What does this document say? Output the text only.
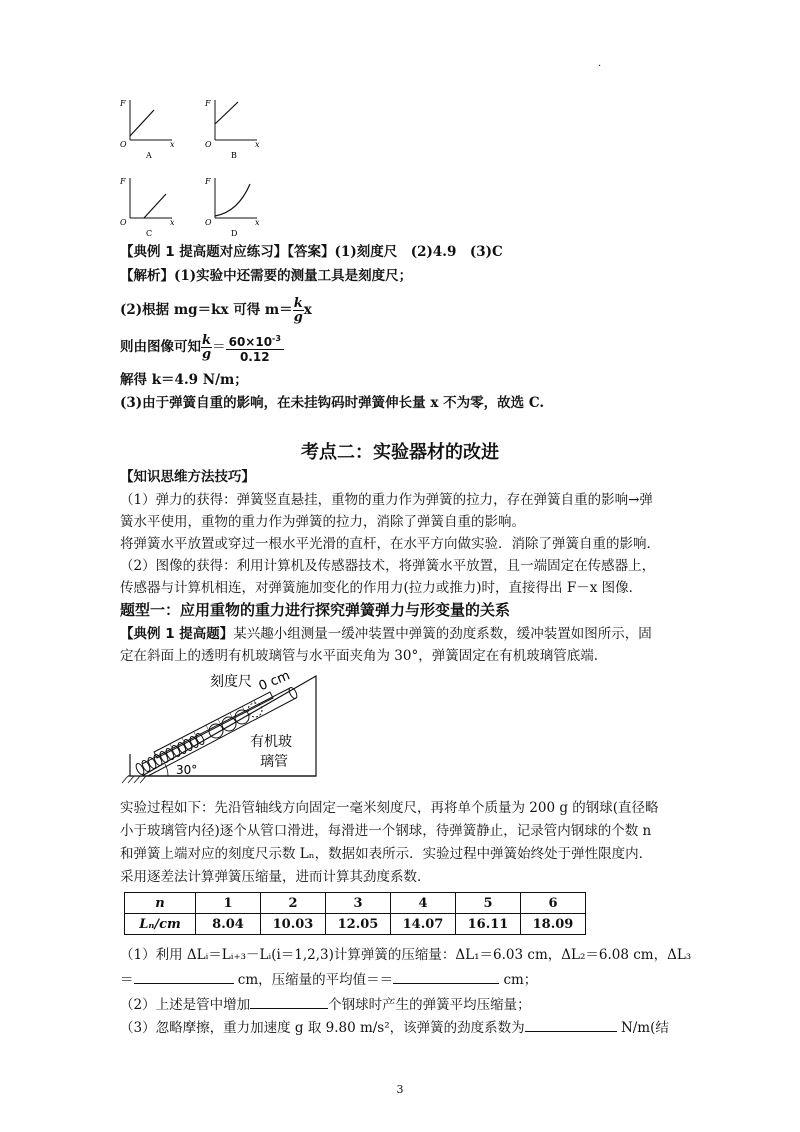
.
F
O	x
A
F
O	x
B
F
O	x
C
F
O	x
D
【典例 1 提高题对应练习】【答案】(1)刻度尺　(2)4.9　(3)C
【解析】(1)实验中还需要的测量工具是刻度尺；
(2)根据 mg＝kx 可得 $m= \frac{k}{g}$ x
则由图像可知 $\frac{k}{g} = \frac{60\times 10^{-3}}{0.12}$
解得 k＝4.9 N/m；
(3)由于弹簧自重的影响，在未挂钩码时弹簧伸长量 x 不为零，故选 C.
考点二：实验器材的改进
【知识思维方法技巧】
（1）弹力的获得：弹簧竖直悬挂，重物的重力作为弹簧的拉力，存在弹簧自重的影响→弹
簧水平使用，重物的重力作为弹簧的拉力，消除了弹簧自重的影响。
将弹簧水平放置或穿过一根水平光滑的直杆，在水平方向做实验．消除了弹簧自重的影响．
（2）图像的获得：利用计算机及传感器技术，将弹簧水平放置，且一端固定在传感器上，
传感器与计算机相连，对弹簧施加变化的作用力(拉力或推力)时，直接得出 F－x 图像．
题型一：应用重物的重力进行探究弹簧弹力与形变量的关系
【典例 1 提高题】某兴趣小组测量一缓冲装置中弹簧的劲度系数，缓冲装置如图所示，固
定在斜面上的透明有机玻璃管与水平面夹角为 30°，弹簧固定在有机玻璃管底端.
刻度尺 0 cm
有机玻
璃管
30°
实验过程如下：先沿管轴线方向固定一毫米刻度尺，再将单个质量为 200 g 的钢球(直径略
小于玻璃管内径)逐个从管口滑进，每滑进一个钢球，待弹簧静止，记录管内钢球的个数 n
和弹簧上端对应的刻度尺示数 Lₙ，数据如表所示．实验过程中弹簧始终处于弹性限度内．
采用逐差法计算弹簧压缩量，进而计算其劲度系数．
n	1	2	3	4	5	6
Lₙ/cm	8.04	10.03	12.05	14.07	16.11	18.09
（1）利用 ΔLᵢ＝Lᵢ₊₃－Lᵢ(i＝1,2,3)计算弹簧的压缩量：ΔL₁＝6.03 cm，ΔL₂＝6.08 cm，ΔL₃
＝	cm，压缩量的平均值＝＝	cm；
（2）上述是管中增加	个钢球时产生的弹簧平均压缩量；
（3）忽略摩擦，重力加速度 g 取 9.80 m/s²，该弹簧的劲度系数为	N/m(结
3
